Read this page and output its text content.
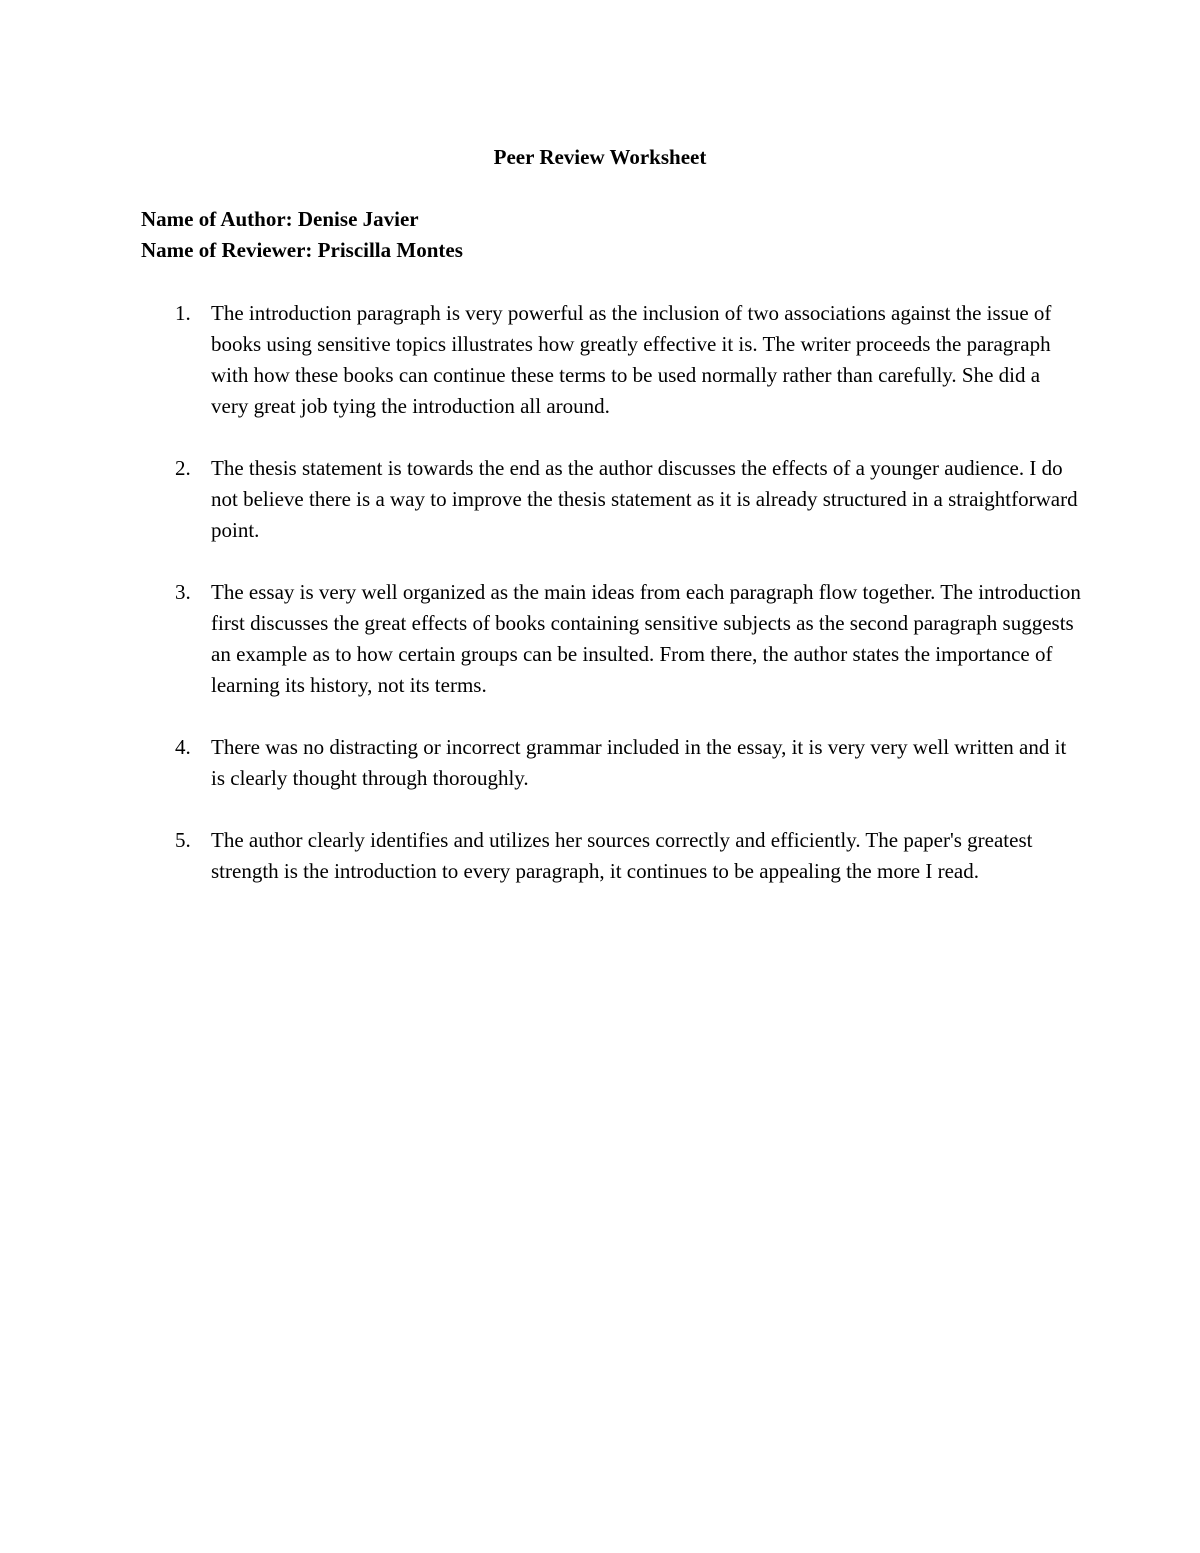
Peer Review Worksheet
Name of Author: Denise Javier
Name of Reviewer: Priscilla Montes
1. The introduction paragraph is very powerful as the inclusion of two associations against the issue of books using sensitive topics illustrates how greatly effective it is. The writer proceeds the paragraph with how these books can continue these terms to be used normally rather than carefully. She did a very great job tying the introduction all around.
2. The thesis statement is towards the end as the author discusses the effects of a younger audience. I do not believe there is a way to improve the thesis statement as it is already structured in a straightforward point.
3. The essay is very well organized as the main ideas from each paragraph flow together. The introduction first discusses the great effects of books containing sensitive subjects as the second paragraph suggests an example as to how certain groups can be insulted. From there, the author states the importance of learning its history, not its terms.
4. There was no distracting or incorrect grammar included in the essay, it is very very well written and it is clearly thought through thoroughly.
5. The author clearly identifies and utilizes her sources correctly and efficiently. The paper's greatest strength is the introduction to every paragraph, it continues to be appealing the more I read.
